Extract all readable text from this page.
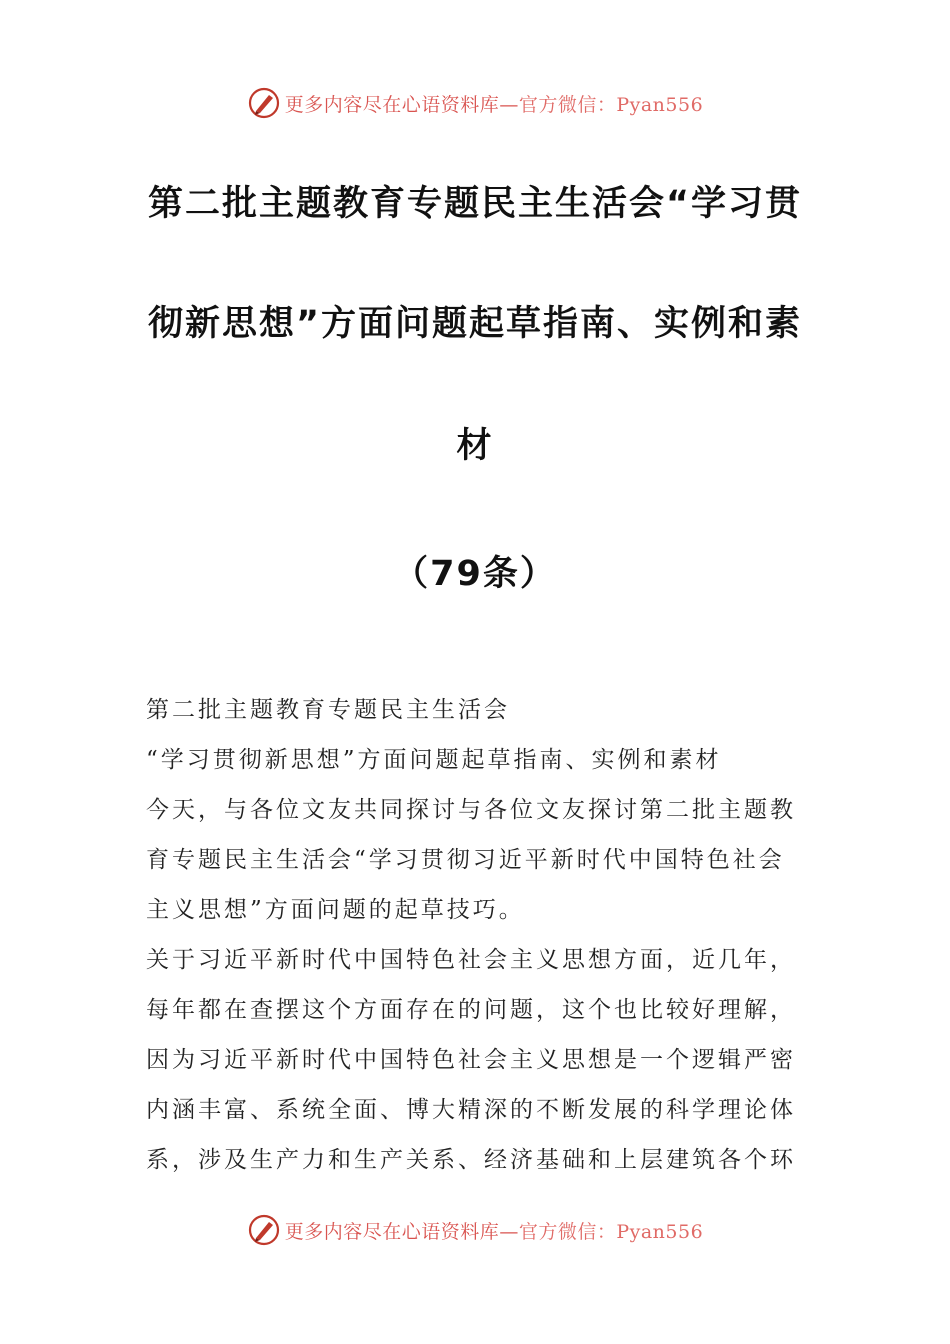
更多内容尽在心语资料库—官方微信：Pyan556
第二批主题教育专题民主生活会“学习贯
彻新思想”方面问题起草指南、实例和素
材
（79条）
第二批主题教育专题民主生活会
“学习贯彻新思想”方面问题起草指南、实例和素材
今天，与各位文友共同探讨与各位文友探讨第二批主题教
育专题民主生活会“学习贯彻习近平新时代中国特色社会
主义思想”方面问题的起草技巧。
关于习近平新时代中国特色社会主义思想方面，近几年，
每年都在查摆这个方面存在的问题，这个也比较好理解，
因为习近平新时代中国特色社会主义思想是一个逻辑严密
内涵丰富、系统全面、博大精深的不断发展的科学理论体
系，涉及生产力和生产关系、经济基础和上层建筑各个环
更多内容尽在心语资料库—官方微信：Pyan556
